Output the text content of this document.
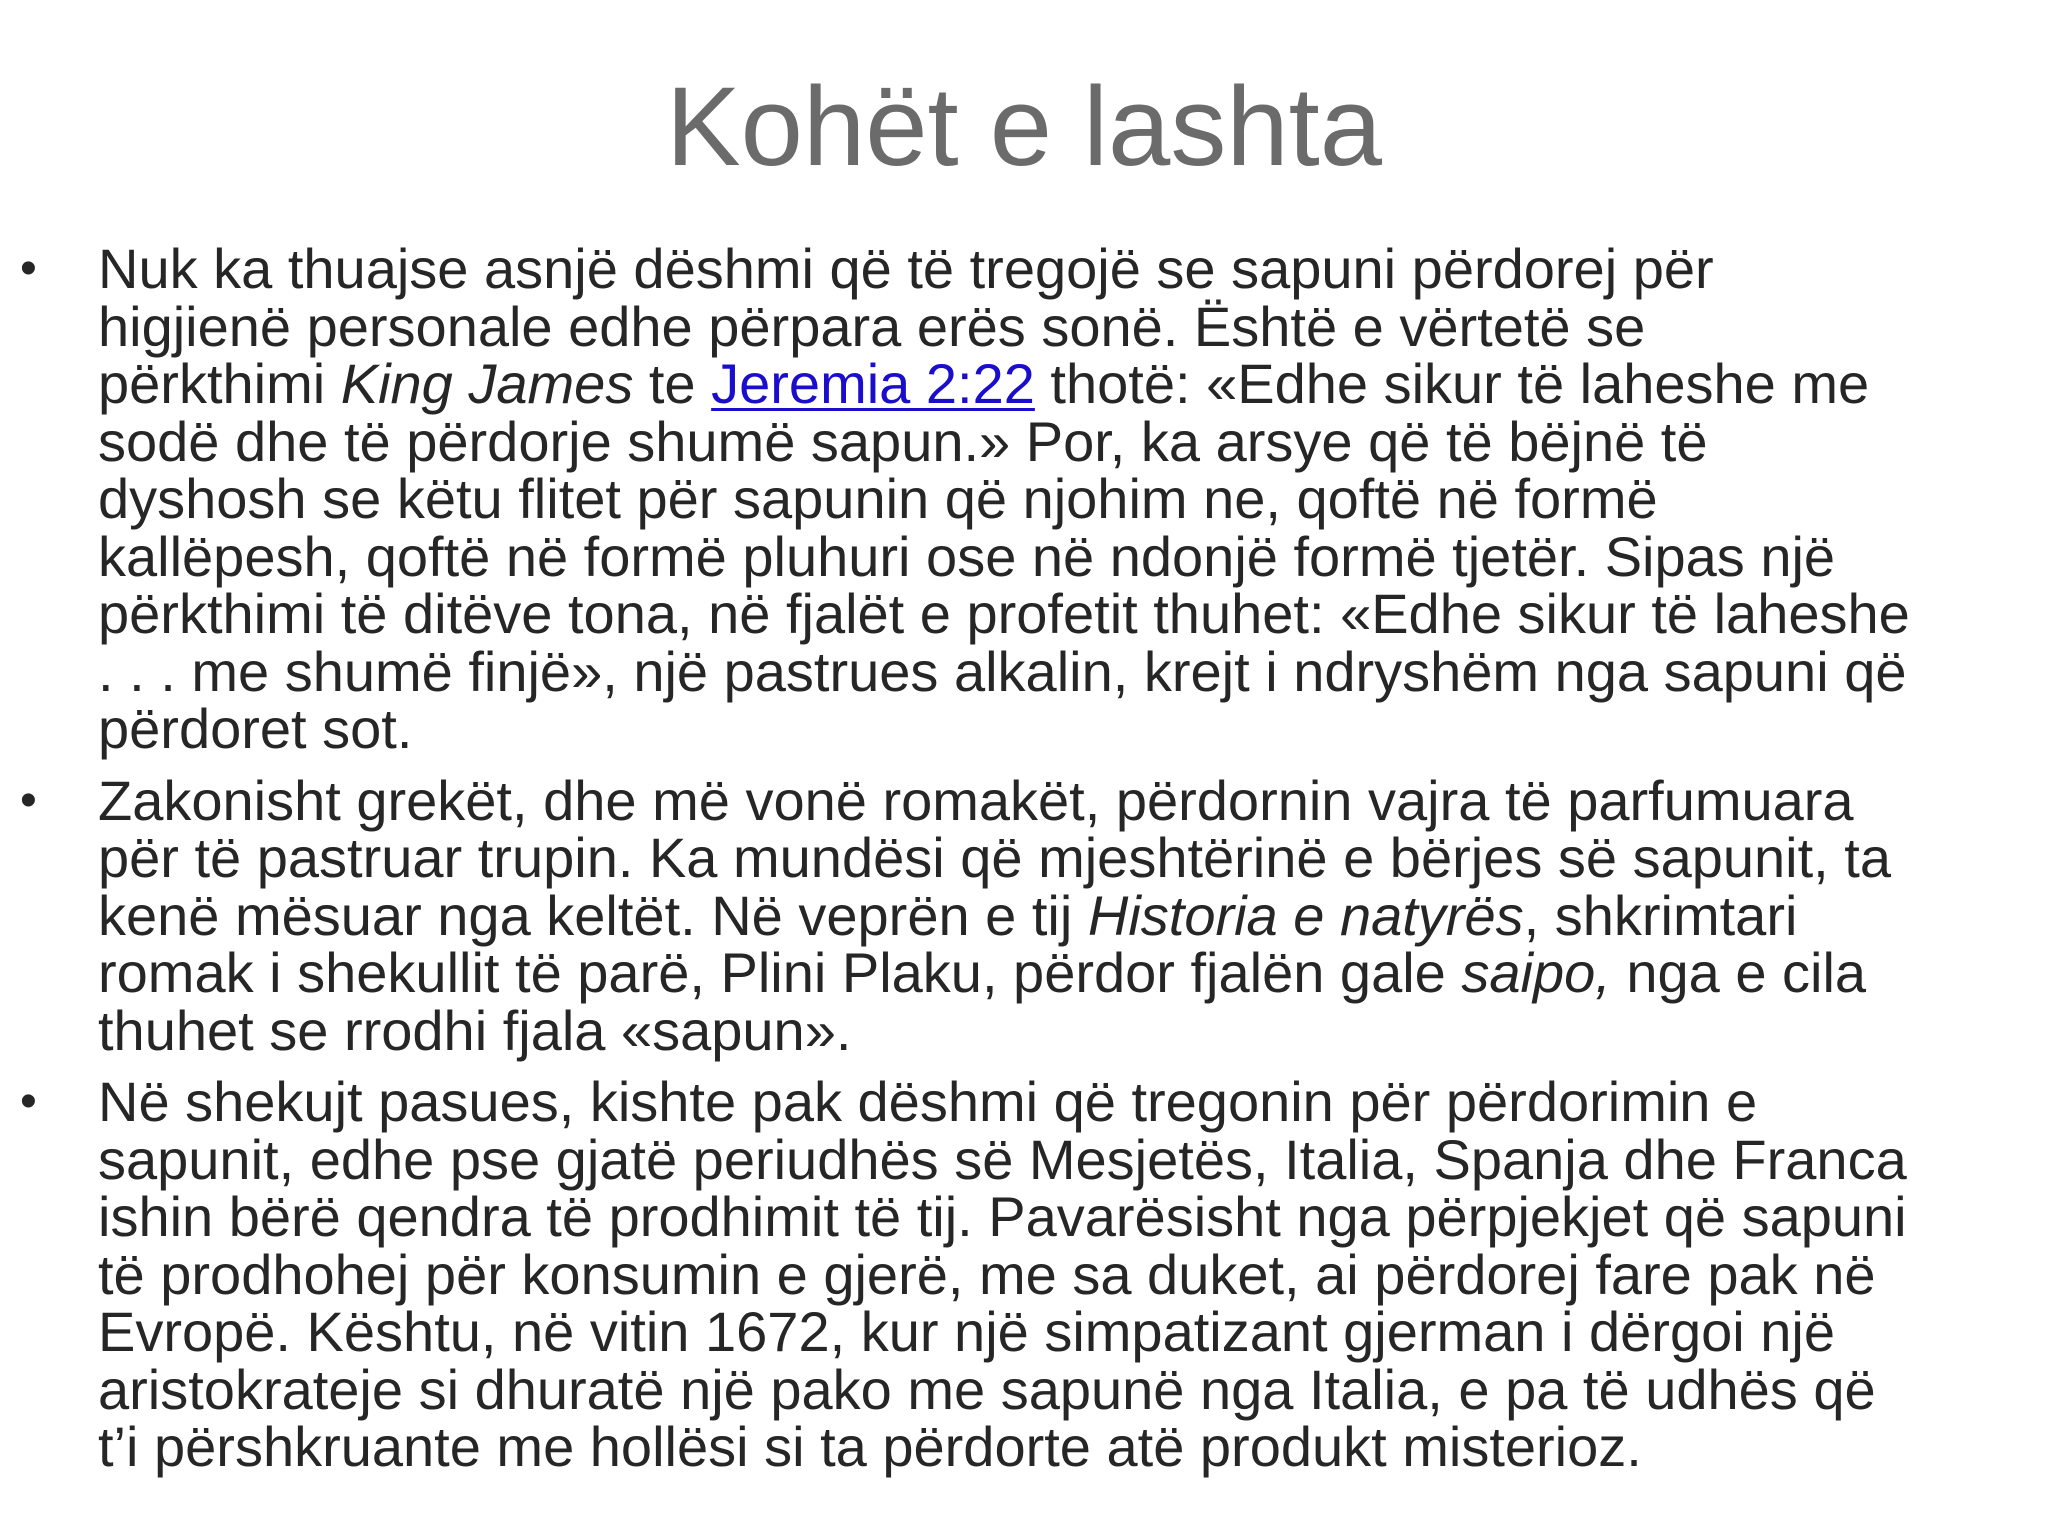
Kohët e lashta
•	Nuk ka thuajse asnjë dëshmi që të tregojë se sapuni përdorej për
higjienë personale edhe përpara erës sonë. Është e vërtetë se
përkthimi King James te Jeremia 2:22 thotë: «Edhe sikur të laheshe me
sodë dhe të përdorje shumë sapun.» Por, ka arsye që të bëjnë të
dyshosh se këtu flitet për sapunin që njohim ne, qoftë në formë
kallëpesh, qoftë në formë pluhuri ose në ndonjë formë tjetër. Sipas një
përkthimi të ditëve tona, në fjalët e profetit thuhet: «Edhe sikur të laheshe
. . . me shumë finjë», një pastrues alkalin, krejt i ndryshëm nga sapuni që
përdoret sot.
•	Zakonisht grekët, dhe më vonë romakët, përdornin vajra të parfumuara
për të pastruar trupin. Ka mundësi që mjeshtërinë e bërjes së sapunit, ta
kenë mësuar nga keltët. Në veprën e tij Historia e natyrës, shkrimtari
romak i shekullit të parë, Plini Plaku, përdor fjalën gale saipo, nga e cila
thuhet se rrodhi fjala «sapun».
•	Në shekujt pasues, kishte pak dëshmi që tregonin për përdorimin e
sapunit, edhe pse gjatë periudhës së Mesjetës, Italia, Spanja dhe Franca
ishin bërë qendra të prodhimit të tij. Pavarësisht nga përpjekjet që sapuni
të prodhohej për konsumin e gjerë, me sa duket, ai përdorej fare pak në
Evropë. Kështu, në vitin 1672, kur një simpatizant gjerman i dërgoi një
aristokrateje si dhuratë një pako me sapunë nga Italia, e pa të udhës që
t’i përshkruante me hollësi si ta përdorte atë produkt misterioz.
